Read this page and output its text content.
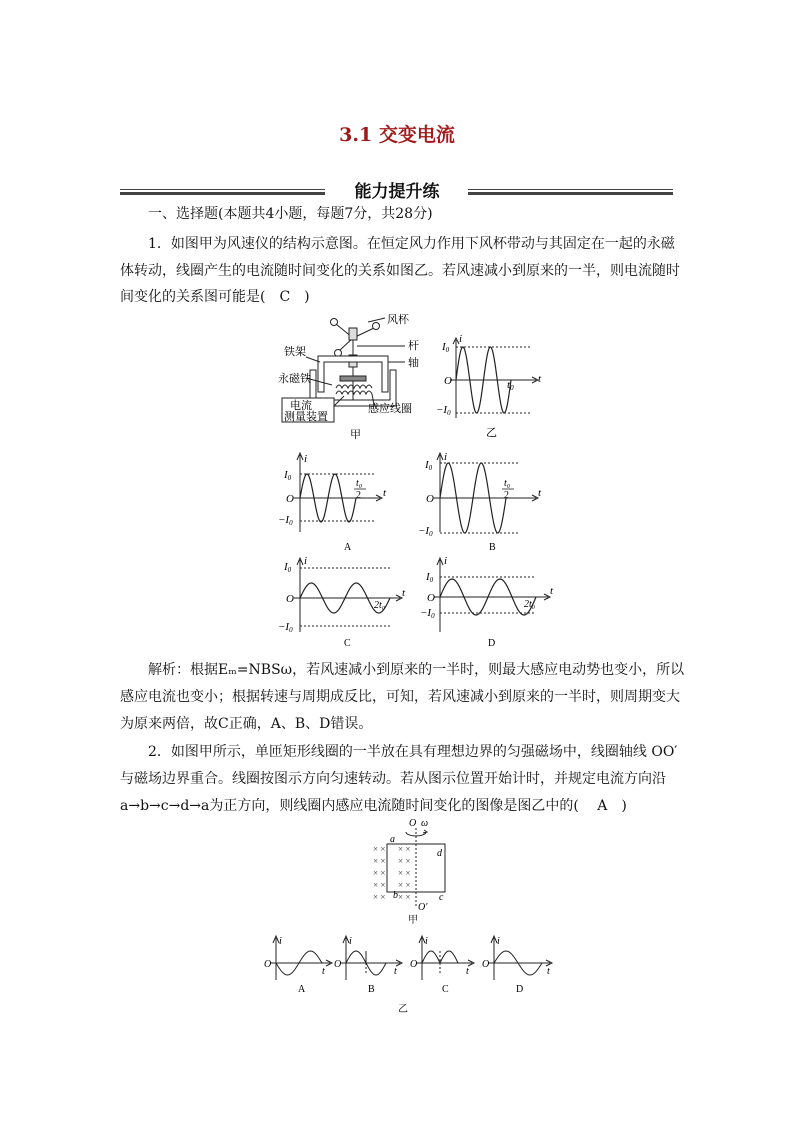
3.1 交变电流
能力提升练
一、选择题(本题共4小题，每题7分，共28分)
1．如图甲为风速仪的结构示意图。在恒定风力作用下风杯带动与其固定在一起的永磁
体转动，线圈产生的电流随时间变化的关系如图乙。若风速减小到原来的一半，则电流随时
间变化的关系图可能是(　C　)
风杯
杆
铁架
轴
永磁铁
电流
测量装置
感应线圈
甲
i
I0
O
−I0
t0
t
乙
i
I0
O
−I0
$t_0$
2 t
A
i
I0
O
−I0
$t_0$
2	t
B
i
I0
O
−I0
$2t_0$
t
C
i
I0
O
−I0
$2t_0$
t
D
解析：根据Eₘ=NBSω，若风速减小到原来的一半时，则最大感应电动势也变小，所以
感应电流也变小；根据转速与周期成反比，可知，若风速减小到原来的一半时，则周期变大
为原来两倍，故C正确，A、B、D错误。
2．如图甲所示，单匝矩形线圈的一半放在具有理想边界的匀强磁场中，线圈轴线 OO′
与磁场边界重合。线圈按图示方向匀速转动。若从图示位置开始计时，并规定电流方向沿
a→b→c→d→a为正方向，则线圈内感应电流随时间变化的图像是图乙中的(　 A　)
× × × ×
× × × ×
× × × ×
× × × ×
× × × ×
O ω
a
d
b	c
O′
甲
i
O
t
A
i
O
t
B
i
O
t
C
i
O
t
D
乙
